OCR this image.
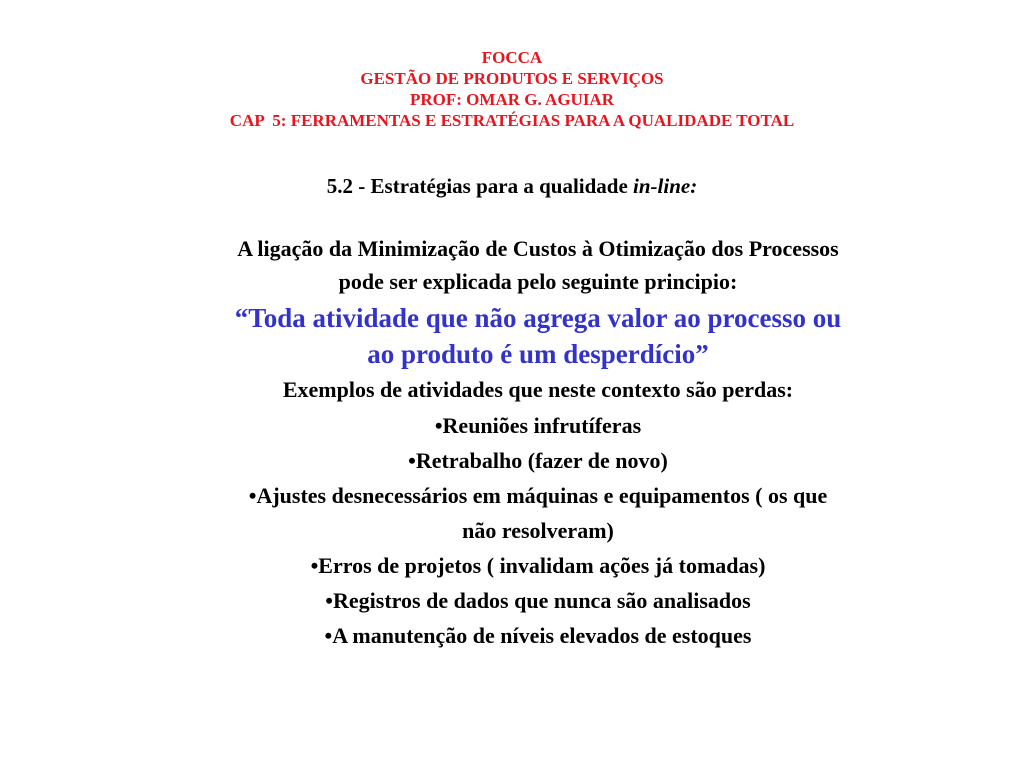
FOCCA
GESTÃO DE PRODUTOS E SERVIÇOS
PROF: OMAR G. AGUIAR
CAP  5: FERRAMENTAS E ESTRATÉGIAS PARA A QUALIDADE TOTAL
5.2 - Estratégias para a qualidade in-line:
A ligação da Minimização de Custos à Otimização dos Processos
pode ser explicada pelo seguinte principio:
“Toda atividade que não agrega valor ao processo ou
ao produto é um desperdício”
Exemplos de atividades que neste contexto são perdas:
•Reuniões infrutíferas
•Retrabalho (fazer de novo)
•Ajustes desnecessários em máquinas e equipamentos ( os que
não resolveram)
•Erros de projetos ( invalidam ações já tomadas)
•Registros de dados que nunca são analisados
•A manutenção de níveis elevados de estoques
